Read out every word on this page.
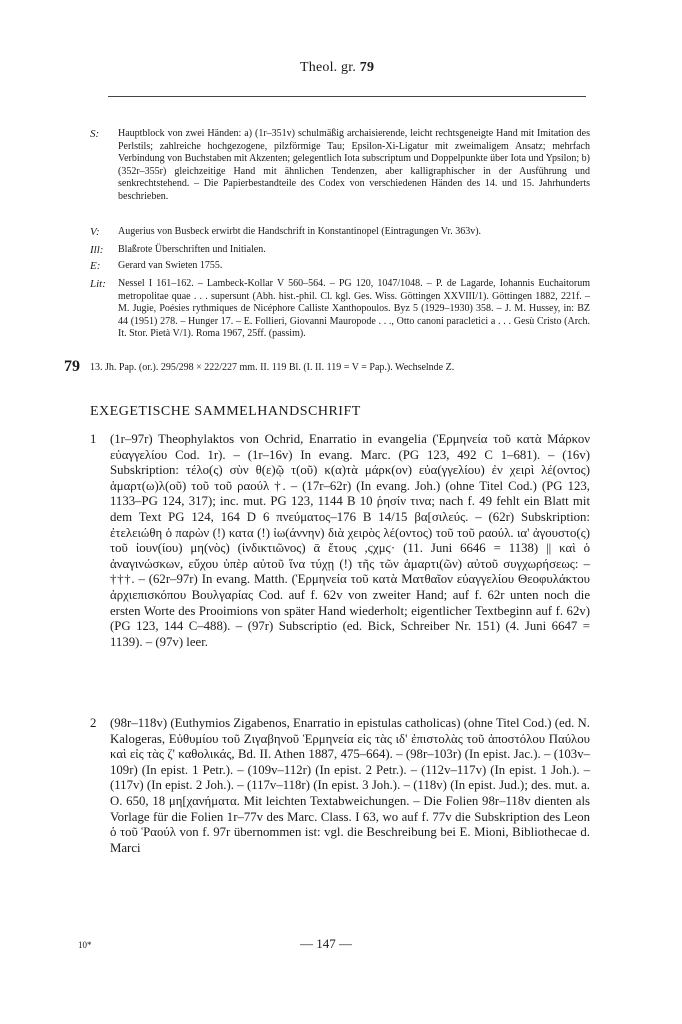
Theol. gr. 79
S:	Hauptblock von zwei Händen: a) (1r–351v) schulmäßig archaisierende, leicht rechtsgeneigte Hand mit Imitation des Perlstils; zahlreiche hochgezogene, pilzförmige Tau; Epsilon-Xi-Ligatur mit zweimaligem Ansatz; mehrfach Verbindung von Buchstaben mit Akzenten; gelegentlich Iota subscriptum und Doppelpunkte über Iota und Ypsilon; b) (352r–355r) gleichzeitige Hand mit ähnlichen Tendenzen, aber kalligraphischer in der Ausführung und senkrechtstehend. – Die Papierbestandteile des Codex von verschiedenen Händen des 14. und 15. Jahrhunderts beschrieben.
V:	Augerius von Busbeck erwirbt die Handschrift in Konstantinopel (Eintragungen Vr. 363v).
Ill:	Blaßrote Überschriften und Initialen.
E:	Gerard van Swieten 1755.
Lit:	Nessel I 161–162. – Lambeck-Kollar V 560–564. – PG 120, 1047/1048. – P. de Lagarde, Iohannis Euchaitorum metropolitae quae . . . supersunt (Abh. hist.-phil. Cl. kgl. Ges. Wiss. Göttingen XXVIII/1). Göttingen 1882, 221f. – M. Jugie, Poésies rythmiques de Nicéphore Calliste Xanthopoulos. Byz 5 (1929–1930) 358. – J. M. Hussey, in: BZ 44 (1951) 278. – Hunger 17. – E. Follieri, Giovanni Mauropode . . ., Otto canoni paracletici a . . . Gesù Cristo (Arch. It. Stor. Pietà V/1). Roma 1967, 25ff. (passim).
79 13. Jh. Pap. (or.). 295/298 × 222/227 mm. II. 119 Bl. (I. II. 119 = V = Pap.). Wechselnde Z.
EXEGETISCHE SAMMELHANDSCHRIFT
1 (1r–97r) Theophylaktos von Ochrid, Enarratio in evangelia (Ἑρμηνεία τοῦ κατὰ Μάρκον εὐαγγελίου Cod. 1r). – (1r–16v) In evang. Marc. (PG 123, 492 C 1–681). – (16v) Subskription: τέλο(ς) σὺν θ(ε)ῷ τ(οῦ) κ(α)τὰ μάρκ(ον) εὐα(γγελίου) ἐν χειρὶ λέ(οντος) ἁμαρτ(ω)λ(οῦ) τοῦ τοῦ ραούλ †. – (17r–62r) (In evang. Joh.) (ohne Titel Cod.) (PG 123, 1133–PG 124, 317); inc. mut. PG 123, 1144 B 10 ῥησίν τινα; nach f. 49 fehlt ein Blatt mit dem Text PG 124, 164 D 6 πνεύματος–176 B 14/15 βα[σιλεύς. – (62r) Subskription: ἐτελειώθη ὁ παρὼν (!) κατα (!) ἰω(άννην) διὰ χειρὸς λέ(οντος) τοῦ τοῦ ραούλ. ια' ἀγουστο(ς) τοῦ ἰουν(ίου) μη(νὸς) (ἰνδικτιῶνος) ᾱ ἔτους ,ϛχμϛ· (11. Juni 6646 = 1138) || καὶ ὁ ἀναγινώσκων, εὔχου ὑπὲρ αὐτοῦ ἵνα τύχῃ (!) τῆς τῶν ἁμαρτι(ῶν) αὐτοῦ συγχωρήσεως: – †††. – (62r–97r) In evang. Matth. (Ἑρμηνεία τοῦ κατὰ Ματθαῖον εὐαγγελίου Θεοφυλάκτου ἀρχιεπισκόπου Βουλγαρίας Cod. auf f. 62v von zweiter Hand; auf f. 62r unten noch die ersten Worte des Prooimions von später Hand wiederholt; eigentlicher Textbeginn auf f. 62v) (PG 123, 144 C–488). – (97r) Subscriptio (ed. Bick, Schreiber Nr. 151) (4. Juni 6647 = 1139). – (97v) leer.
2 (98r–118v) (Euthymios Zigabenos, Enarratio in epistulas catholicas) (ohne Titel Cod.) (ed. N. Kalogeras, Εὐθυμίου τοῦ Ζιγαβηνοῦ Ἑρμηνεία εἰς τὰς ιδ' ἐπιστολὰς τοῦ ἀποστόλου Παύλου καὶ εἰς τὰς ζ' καθολικάς, Bd. II. Athen 1887, 475–664). – (98r–103r) (In epist. Jac.). – (103v–109r) (In epist. 1 Petr.). – (109v–112r) (In epist. 2 Petr.). – (112v–117v) (In epist. 1 Joh.). – (117v) (In epist. 2 Joh.). – (117v–118r) (In epist. 3 Joh.). – (118v) (In epist. Jud.); des. mut. a. O. 650, 18 μη[χανήματα. Mit leichten Textabweichungen. – Die Folien 98r–118v dienten als Vorlage für die Folien 1r–77v des Marc. Class. I 63, wo auf f. 77v die Subskription des Leon ὁ τοῦ Ῥαούλ von f. 97r übernommen ist: vgl. die Beschreibung bei E. Mioni, Bibliothecae d. Marci
10*	— 147 —
